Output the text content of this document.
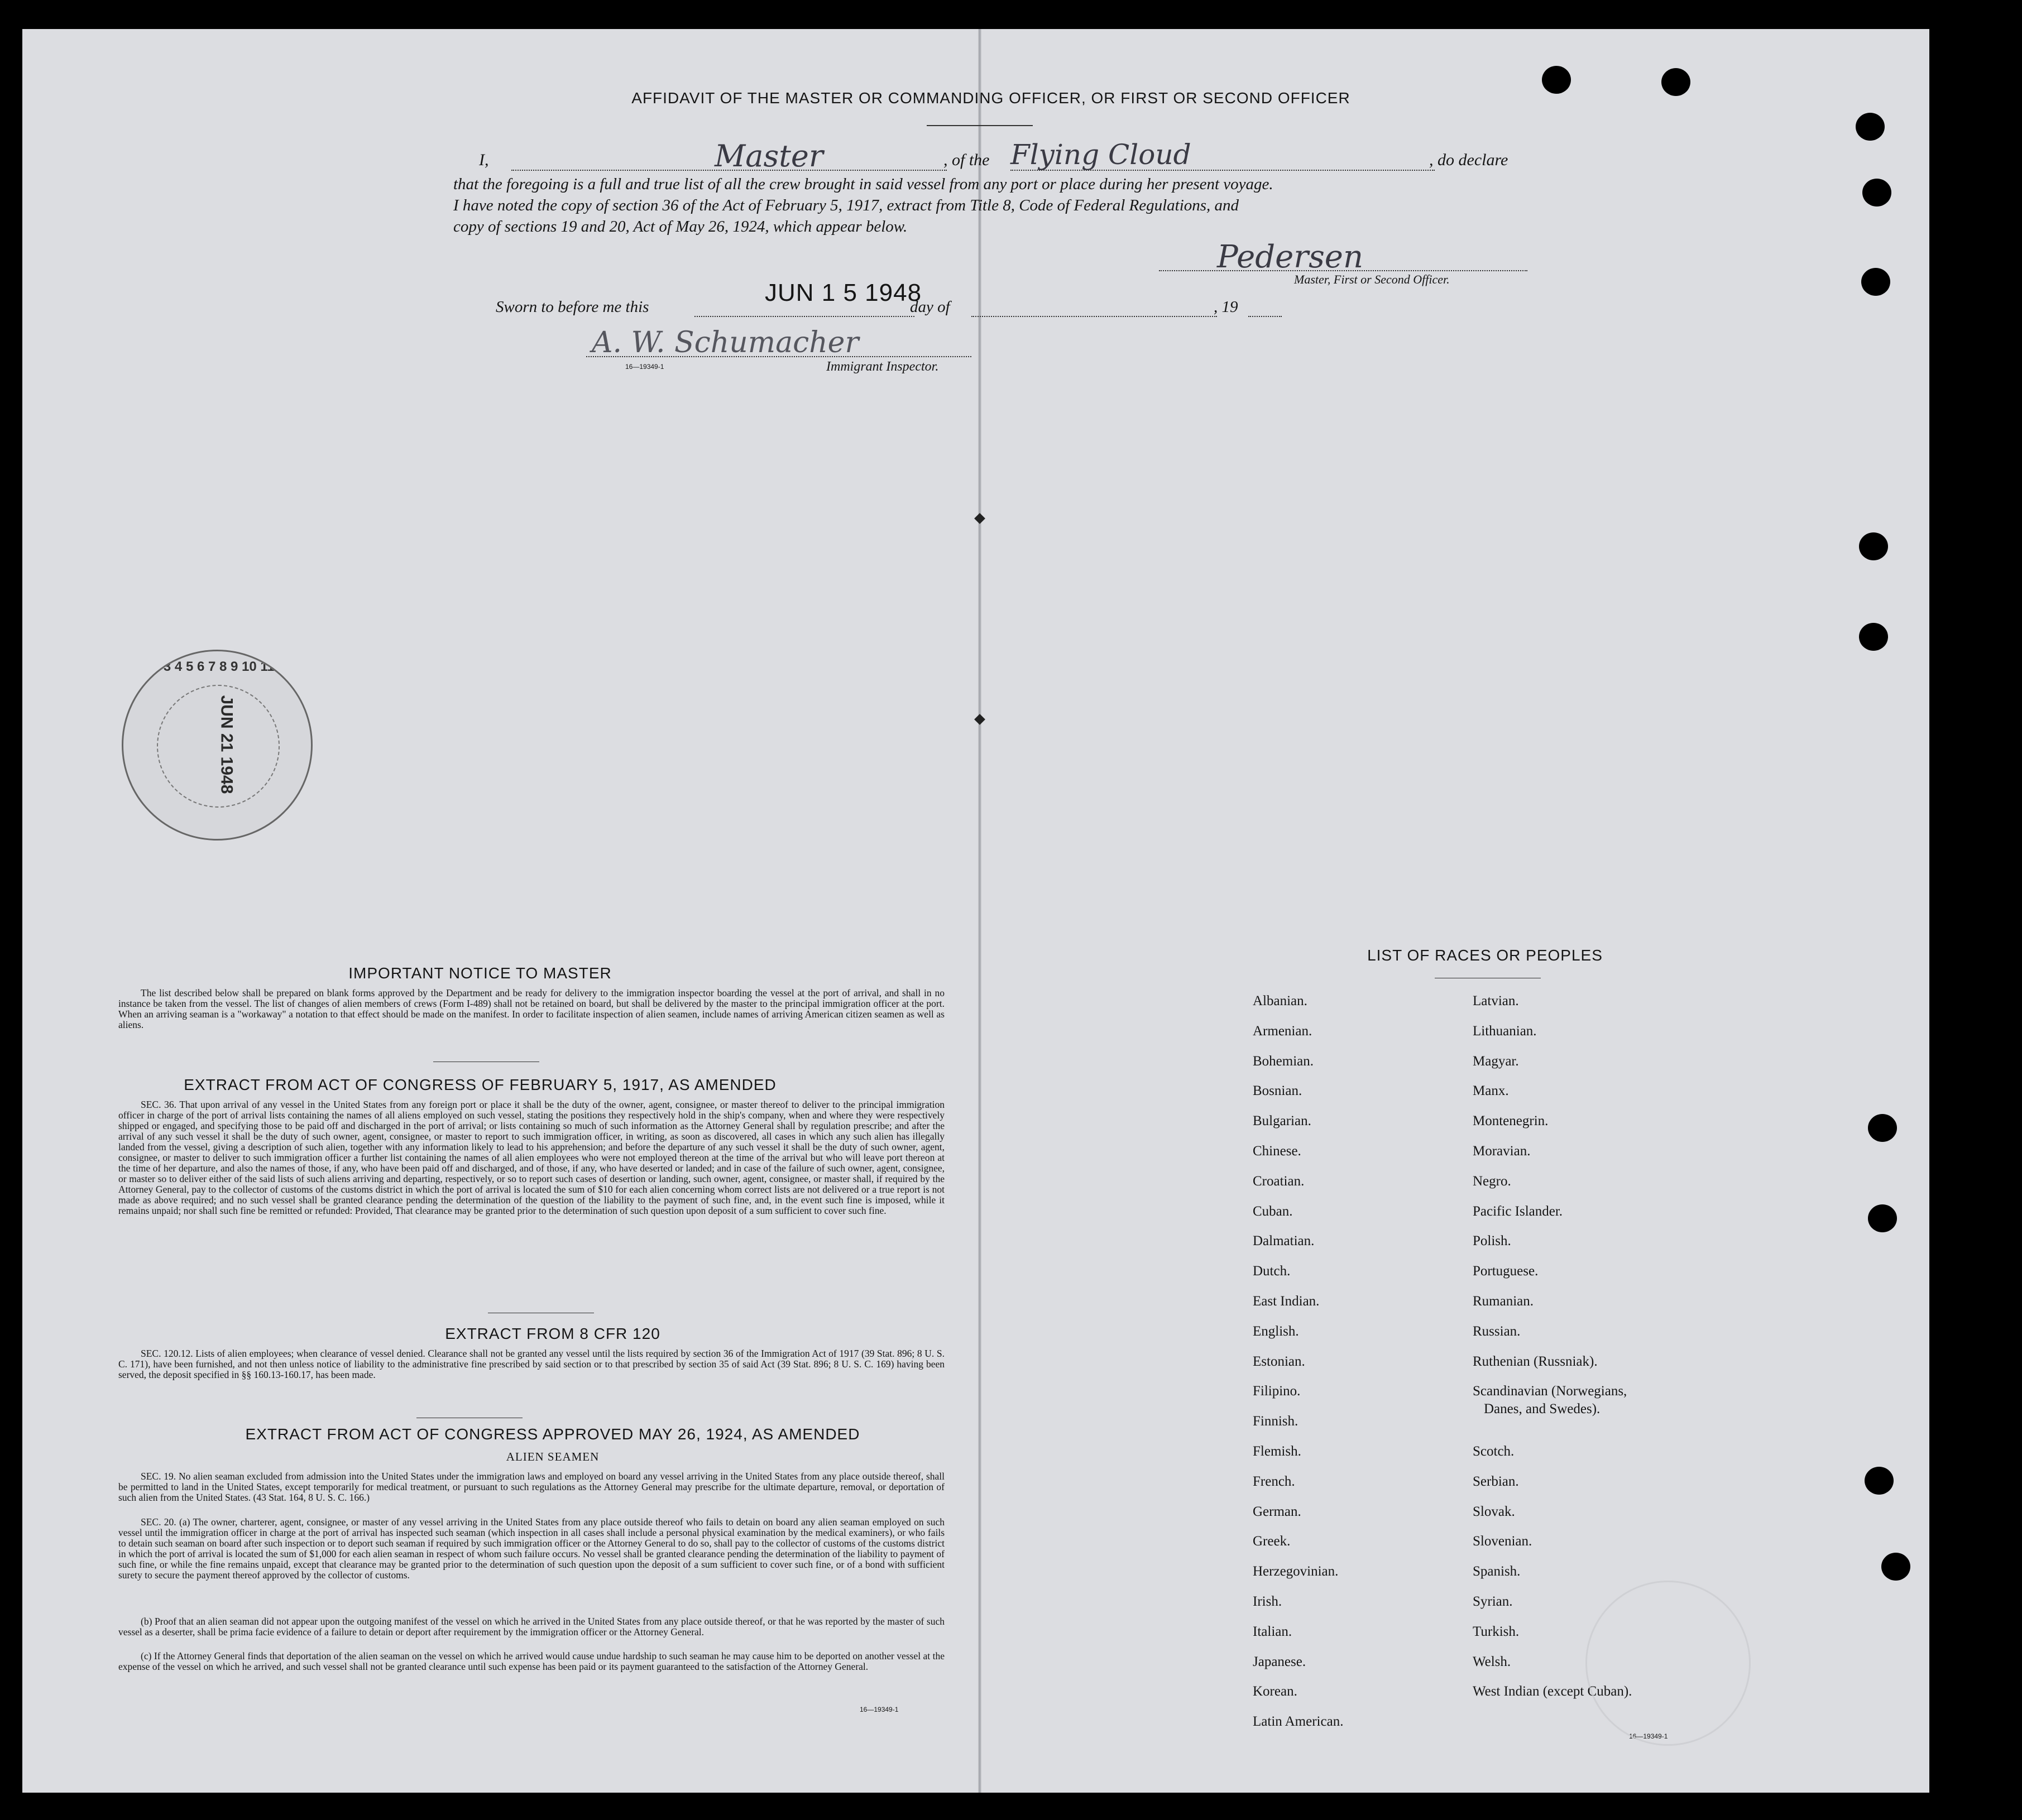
AFFIDAVIT OF THE MASTER OR COMMANDING OFFICER, OR FIRST OR SECOND OFFICER
I,	Master	, of the Flying Cloud	, do declare
that the foregoing is a full and true list of all the crew brought in said vessel from any port or place during her present voyage.
I have noted the copy of section 36 of the Act of February 5, 1917, extract from Title 8, Code of Federal Regulations, and
copy of sections 19 and 20, Act of May 26, 1924, which appear below.
Pedersen
Master, First or Second Officer.
Sworn to before me this
JUN 1 5 1948
day of	, 19
A. W. Schumacher
16—19349-1	Immigrant Inspector.
1 2 3 4 5 6 7 8 9 10 11 12
JUN 21 1948
IMPORTANT NOTICE TO MASTER
The list described below shall be prepared on blank forms approved by the Department and be ready for delivery to the immigration inspector boarding the vessel at the port of arrival, and shall in no instance be taken from the vessel. The list of changes of alien members of crews (Form I-489) shall not be retained on board, but shall be delivered by the master to the principal immigration officer at the port. When an arriving seaman is a "workaway" a notation to that effect should be made on the manifest. In order to facilitate inspection of alien seamen, include names of arriving American citizen seamen as well as aliens.
EXTRACT FROM ACT OF CONGRESS OF FEBRUARY 5, 1917, AS AMENDED
SEC. 36. That upon arrival of any vessel in the United States from any foreign port or place it shall be the duty of the owner, agent, consignee, or master thereof to deliver to the principal immigration officer in charge of the port of arrival lists containing the names of all aliens employed on such vessel, stating the positions they respectively hold in the ship's company, when and where they were respectively shipped or engaged, and specifying those to be paid off and discharged in the port of arrival; or lists containing so much of such information as the Attorney General shall by regulation prescribe; and after the arrival of any such vessel it shall be the duty of such owner, agent, consignee, or master to report to such immigration officer, in writing, as soon as discovered, all cases in which any such alien has illegally landed from the vessel, giving a description of such alien, together with any information likely to lead to his apprehension; and before the departure of any such vessel it shall be the duty of such owner, agent, consignee, or master to deliver to such immigration officer a further list containing the names of all alien employees who were not employed thereon at the time of the arrival but who will leave port thereon at the time of her departure, and also the names of those, if any, who have been paid off and discharged, and of those, if any, who have deserted or landed; and in case of the failure of such owner, agent, consignee, or master so to deliver either of the said lists of such aliens arriving and departing, respectively, or so to report such cases of desertion or landing, such owner, agent, consignee, or master shall, if required by the Attorney General, pay to the collector of customs of the customs district in which the port of arrival is located the sum of $10 for each alien concerning whom correct lists are not delivered or a true report is not made as above required; and no such vessel shall be granted clearance pending the determination of the question of the liability to the payment of such fine, and, in the event such fine is imposed, while it remains unpaid; nor shall such fine be remitted or refunded: Provided, That clearance may be granted prior to the determination of such question upon deposit of a sum sufficient to cover such fine.
EXTRACT FROM 8 CFR 120
SEC. 120.12. Lists of alien employees; when clearance of vessel denied. Clearance shall not be granted any vessel until the lists required by section 36 of the Immigration Act of 1917 (39 Stat. 896; 8 U. S. C. 171), have been furnished, and not then unless notice of liability to the administrative fine prescribed by said section or to that prescribed by section 35 of said Act (39 Stat. 896; 8 U. S. C. 169) having been served, the deposit specified in §§ 160.13-160.17, has been made.
EXTRACT FROM ACT OF CONGRESS APPROVED MAY 26, 1924, AS AMENDED
ALIEN SEAMEN
SEC. 19. No alien seaman excluded from admission into the United States under the immigration laws and employed on board any vessel arriving in the United States from any place outside thereof, shall be permitted to land in the United States, except temporarily for medical treatment, or pursuant to such regulations as the Attorney General may prescribe for the ultimate departure, removal, or deportation of such alien from the United States. (43 Stat. 164, 8 U. S. C. 166.)
SEC. 20. (a) The owner, charterer, agent, consignee, or master of any vessel arriving in the United States from any place outside thereof who fails to detain on board any alien seaman employed on such vessel until the immigration officer in charge at the port of arrival has inspected such seaman (which inspection in all cases shall include a personal physical examination by the medical examiners), or who fails to detain such seaman on board after such inspection or to deport such seaman if required by such immigration officer or the Attorney General to do so, shall pay to the collector of customs of the customs district in which the port of arrival is located the sum of $1,000 for each alien seaman in respect of whom such failure occurs. No vessel shall be granted clearance pending the determination of the liability to payment of such fine, or while the fine remains unpaid, except that clearance may be granted prior to the determination of such question upon the deposit of a sum sufficient to cover such fine, or of a bond with sufficient surety to secure the payment thereof approved by the collector of customs.
(b) Proof that an alien seaman did not appear upon the outgoing manifest of the vessel on which he arrived in the United States from any place outside thereof, or that he was reported by the master of such vessel as a deserter, shall be prima facie evidence of a failure to detain or deport after requirement by the immigration officer or the Attorney General.
(c) If the Attorney General finds that deportation of the alien seaman on the vessel on which he arrived would cause undue hardship to such seaman he may cause him to be deported on another vessel at the expense of the vessel on which he arrived, and such vessel shall not be granted clearance until such expense has been paid or its payment guaranteed to the satisfaction of the Attorney General.
16—19349-1
LIST OF RACES OR PEOPLES
Albanian.
Armenian.
Bohemian.
Bosnian.
Bulgarian.
Chinese.
Croatian.
Cuban.
Dalmatian.
Dutch.
East Indian.
English.
Estonian.
Filipino.
Finnish.
Flemish.
French.
German.
Greek.
Herzegovinian.
Irish.
Italian.
Japanese.
Korean.
Latin American.
Latvian.
Lithuanian.
Magyar.
Manx.
Montenegrin.
Moravian.
Negro.
Pacific Islander.
Polish.
Portuguese.
Rumanian.
Russian.
Ruthenian (Russniak).
Scandinavian (Norwegians,
Danes, and Swedes).
Scotch.
Serbian.
Slovak.
Slovenian.
Spanish.
Syrian.
Turkish.
Welsh.
West Indian (except Cuban).
16—19349-1
